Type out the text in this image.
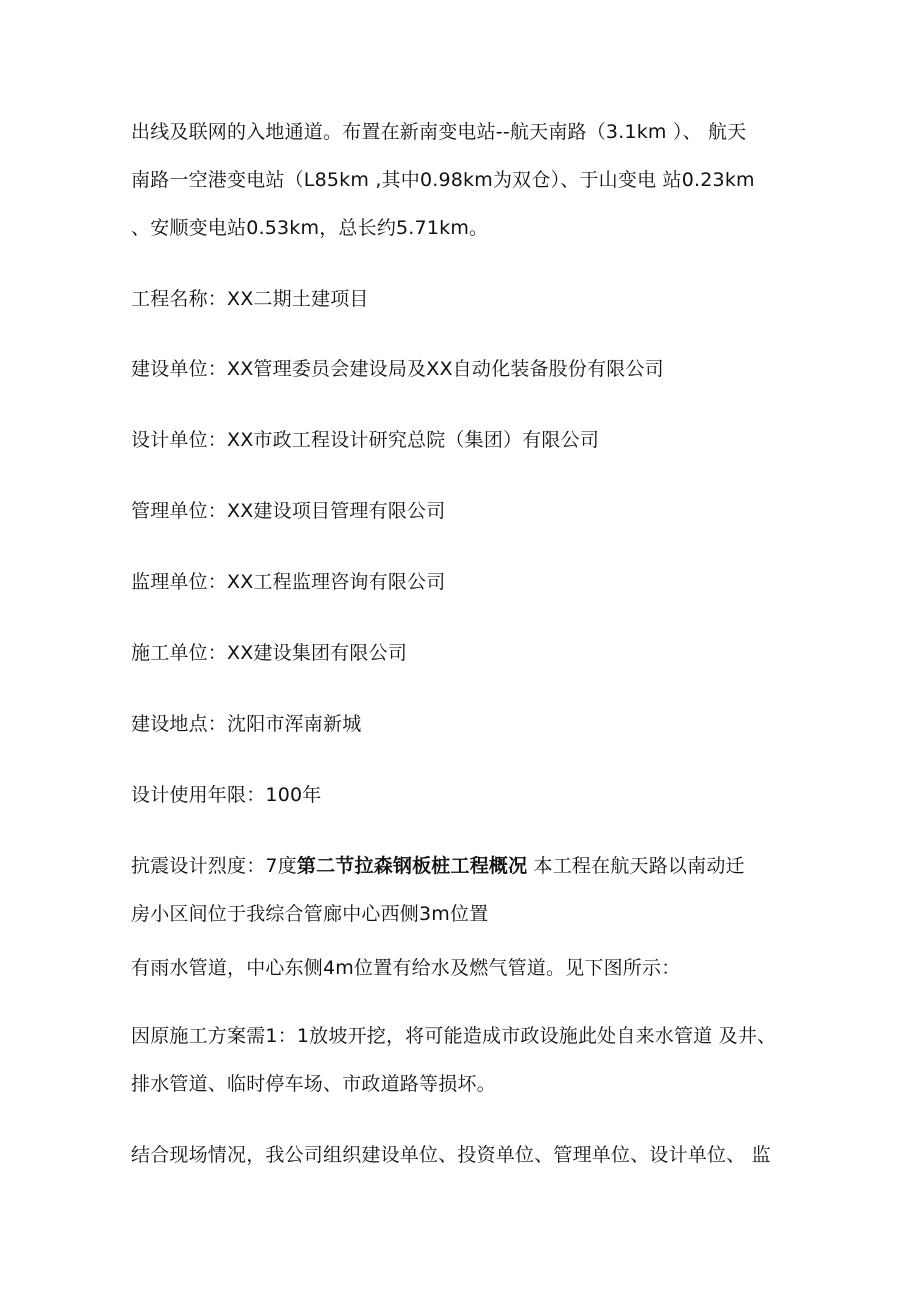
出线及联网的入地通道。布置在新南变电站--航天南路（3.1km ）、 航天
南路一空港变电站（L85km ,其中0.98km为双仓）、于山变电 站0.23km
、安顺变电站0.53km，总长约5.71km。
工程名称：XX二期土建项目
建设单位：XX管理委员会建设局及XX自动化装备股份有限公司
设计单位：XX市政工程设计研究总院（集团）有限公司
管理单位：XX建设项目管理有限公司
监理单位：XX工程监理咨询有限公司
施工单位：XX建设集团有限公司
建设地点：沈阳市浑南新城
设计使用年限：100年
抗震设计烈度：7度第二节拉森钢板桩工程概况 本工程在航天路以南动迁
房小区间位于我综合管廊中心西侧3m位置
有雨水管道，中心东侧4m位置有给水及燃气管道。见下图所示：
因原施工方案需1：1放坡开挖，将可能造成市政设施此处自来水管道 及井、
排水管道、临时停车场、市政道路等损坏。
结合现场情况，我公司组织建设单位、投资单位、管理单位、设计单位、 监
